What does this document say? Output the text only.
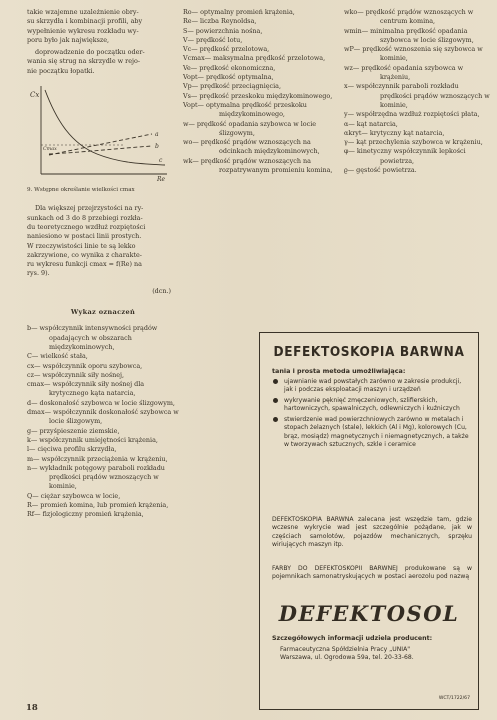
takie wzajemne uzależnienie obry-
su skrzydła i kombinacji profili, aby
wypełnienie wykresu rozkładu wy-
poru było jak największe,

doprowadzenie do początku oder-
wania się strug na skrzydle w rejo-
nie początku łopatki.

Cx
Cmax
a
b
c
Re

9. Wstępne określanie wielkości cmax

Dla większej przejrzystości na ry-
sunkach od 3 do 8 przebiegi rozkła-
du teoretycznego wzdłuż rozpiętości
naniesiono w postaci linii prostych.
W rzeczywistości linie te są lekko
zakrzywione, co wynika z charakte-
ru wykresu funkcji cmax = f(Re) na
rys. 9).

(dcn.)

Wykaz oznaczeń

b— współczynnik intensywności prądów opadających w obszarach międzykominowych,

C— wielkość stała,

cx— współczynnik oporu szybowca,

cz— współczynnik siły nośnej,

cmax— współczynnik siły nośnej dla krytycznego kąta natarcia,

d— doskonałość szybowca w locie ślizgowym,

dmax— współczynnik doskonałość szybowca w locie ślizgowym,

g— przyśpieszenie ziemskie,

k— współczynnik umiejętności krążenia,

l— cięciwa profilu skrzydła,

m— współczynnik przeciążenia w krążeniu,

n— wykładnik potęgowy paraboli rozkładu prędkości prądów wznoszących w kominie,

Q— ciężar szybowca w locie,

R— promień komina, lub promień krążenia,

Rf— fizjologiczny promień krążenia,

Ro— optymalny promień krążenia,

Re— liczba Reynoldsa,

S— powierzchnia nośna,

V— prędkość lotu,

Vc— prędkość przelotowa,

Vcmax— maksymalna prędkość przelotowa,

Ve— prędkość ekonomiczna,

Vopt— prędkość optymalna,

Vp— prędkość przeciągnięcia,

Vs— prędkość przeskoku międzykominowego,

Vopt— optymalna prędkość przeskoku międzykominowego,

w— prędkość opadania szybowca w locie ślizgowym,

wo— prędkość prądów wznoszących na odcinkach międzykominowych,

wk— prędkość prądów wznoszących na rozpatrywanym promieniu komina,

wko— prędkość prądów wznoszących w centrum komina,

wmin— minimalna prędkość opadania szybowca w locie ślizgowym,

wP— prędkość wznoszenia się szybowca w kominie,

wz— prędkość opadania szybowca w krążeniu,

x— współczynnik paraboli rozkładu prędkości prądów wznoszących w kominie,

y— współrzędna wzdłuż rozpiętości płata,

α— kąt natarcia,

αkryt— krytyczny kąt natarcia,

γ— kąt przechylenia szybowca w krążeniu,

φ— kinetyczny współczynnik lepkości powietrza,

ϱ— gęstość powietrza.

DEFEKTOSKOPIA BARWNA
tania i prosta metoda umożliwiająca:
ujawnianie wad powstałych zarówno w zakresie produkcji, jak i podczas eksploatacji maszyn i urządzeń
wykrywanie pęknięć zmęczeniowych, szlifierskich, hartowniczych, spawalniczych, odlewniczych i kuźniczych
stwierdzenie wad powierzchniowych zarówno w metalach i stopach żelaznych (stale), lekkich (Al i Mg), kolorowych (Cu, brąz, mosiądz) magnetycznych i niemagnetycznych, a także w tworzywach sztucznych, szkle i ceramice

DEFEKTOSKOPIA BARWNA zalecana jest wszędzie tam, gdzie wczesne wykrycie wad jest szczególnie pożądane, jak w częściach samolotów, pojazdów mechanicznych, sprzęku wiriujących maszyn itp.

FARBY DO DEFEKTOSKOPII BARWNEJ produkowane są w pojemnikach samonatryskujących w postaci aerozolu pod nazwą

DEFEKTOSOL
Szczegółowych informacji udziela producent:

Farmaceutyczna Spółdzielnia Pracy „UNIA"
Warszawa, ul. Ogrodowa 59a, tel. 20-33-68.

WCT/1722/67
18
